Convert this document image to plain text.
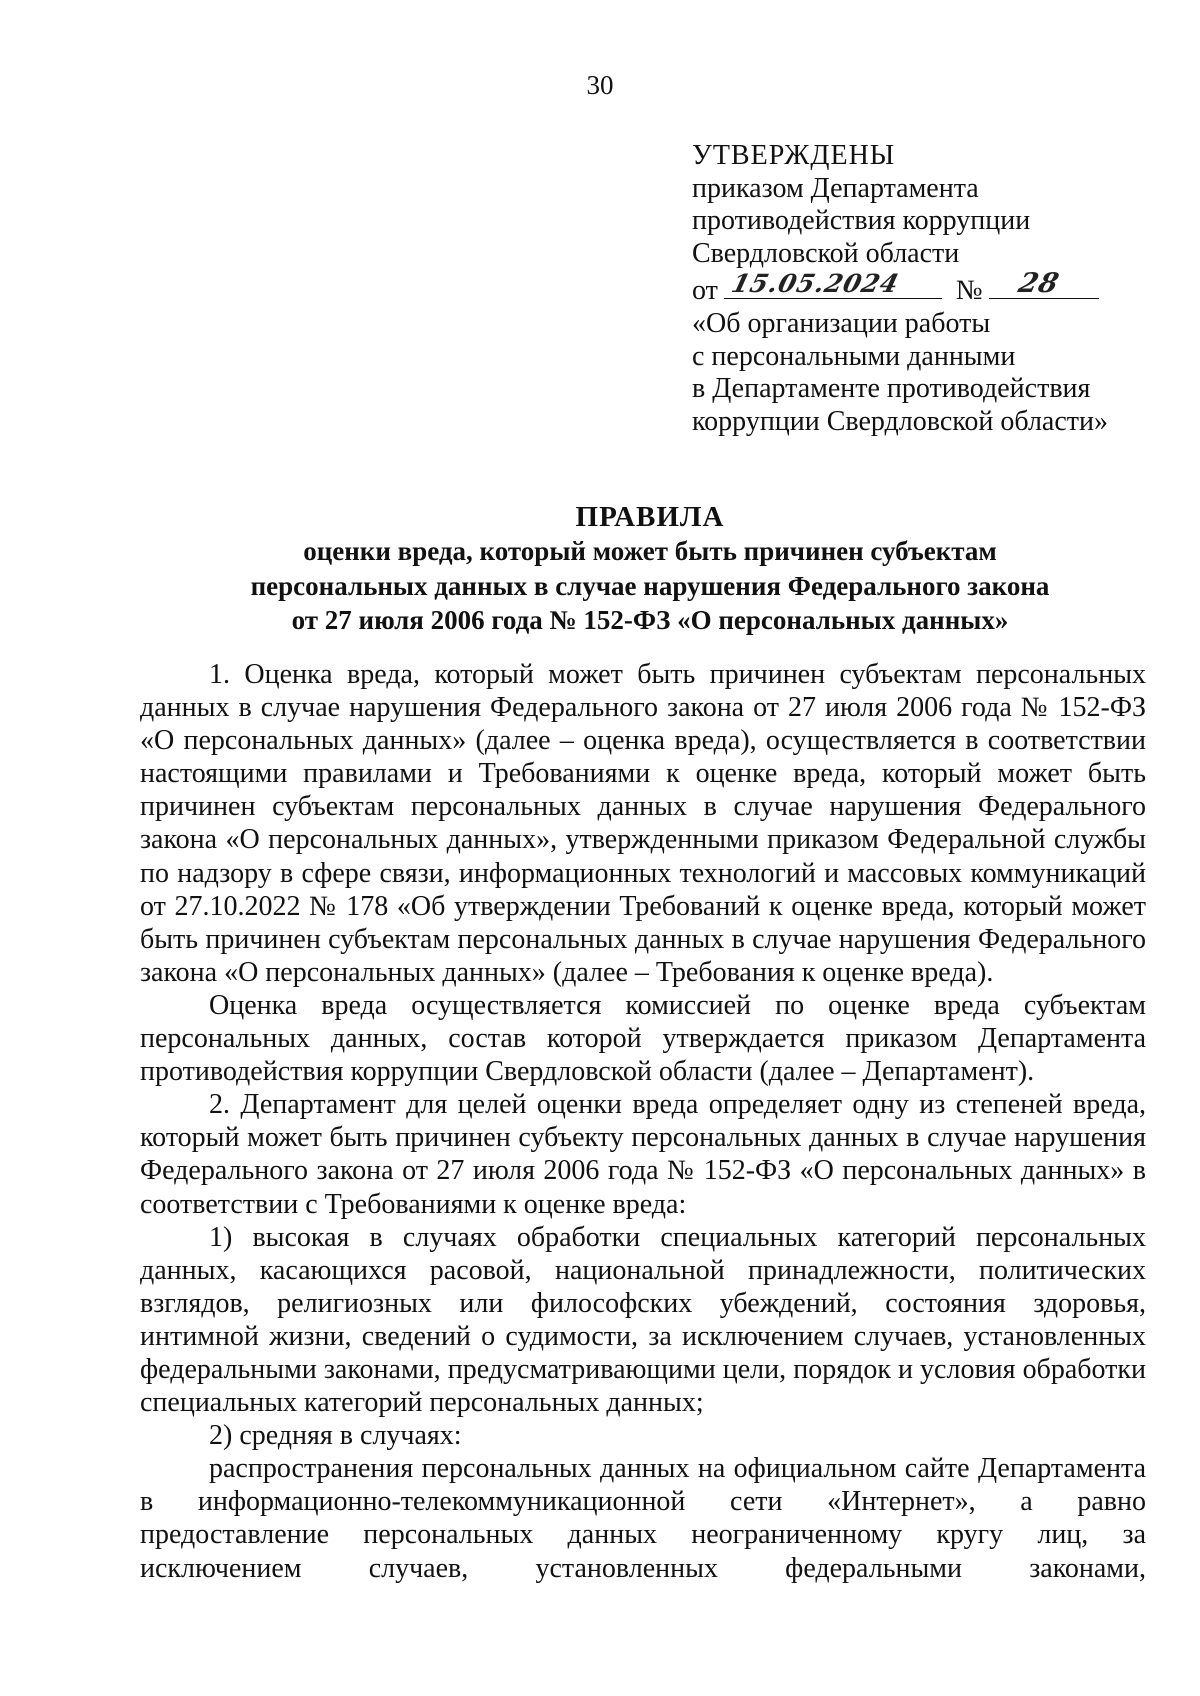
30
УТВЕРЖДЕНЫ
приказом Департамента
противодействия коррупции
Свердловской области
от 15.05.2024 № 28
«Об организации работы
с персональными данными
в Департаменте противодействия
коррупции Свердловской области»
ПРАВИЛА
оценки вреда, который может быть причинен субъектам
персональных данных в случае нарушения Федерального закона
от 27 июля 2006 года № 152-ФЗ «О персональных данных»

1. Оценка вреда, который может быть причинен субъектам персональных данных в случае нарушения Федерального закона от 27 июля 2006 года № 152-ФЗ «О персональных данных» (далее – оценка вреда), осуществляется в соответствии настоящими правилами и Требованиями к оценке вреда, который может быть причинен субъектам персональных данных в случае нарушения Федерального закона «О персональных данных», утвержденными приказом Федеральной службы по надзору в сфере связи, информационных технологий и массовых коммуникаций от 27.10.2022 № 178 «Об утверждении Требований к оценке вреда, который может быть причинен субъектам персональных данных в случае нарушения Федерального закона «О персональных данных» (далее – Требования к оценке вреда).

Оценка вреда осуществляется комиссией по оценке вреда субъектам персональных данных, состав которой утверждается приказом Департамента противодействия коррупции Свердловской области (далее – Департамент).

2. Департамент для целей оценки вреда определяет одну из степеней вреда, который может быть причинен субъекту персональных данных в случае нарушения Федерального закона от 27 июля 2006 года № 152-ФЗ «О персональных данных» в соответствии с Требованиями к оценке вреда:

1) высокая в случаях обработки специальных категорий персональных данных, касающихся расовой, национальной принадлежности, политических взглядов, религиозных или философских убеждений, состояния здоровья, интимной жизни, сведений о судимости, за исключением случаев, установленных федеральными законами, предусматривающими цели, порядок и условия обработки специальных категорий персональных данных;

2) средняя в случаях:

распространения персональных данных на официальном сайте Департамента в информационно-телекоммуникационной сети «Интернет», а равно предоставление персональных данных неограниченному кругу лиц, за исключением случаев, установленных федеральными законами,
